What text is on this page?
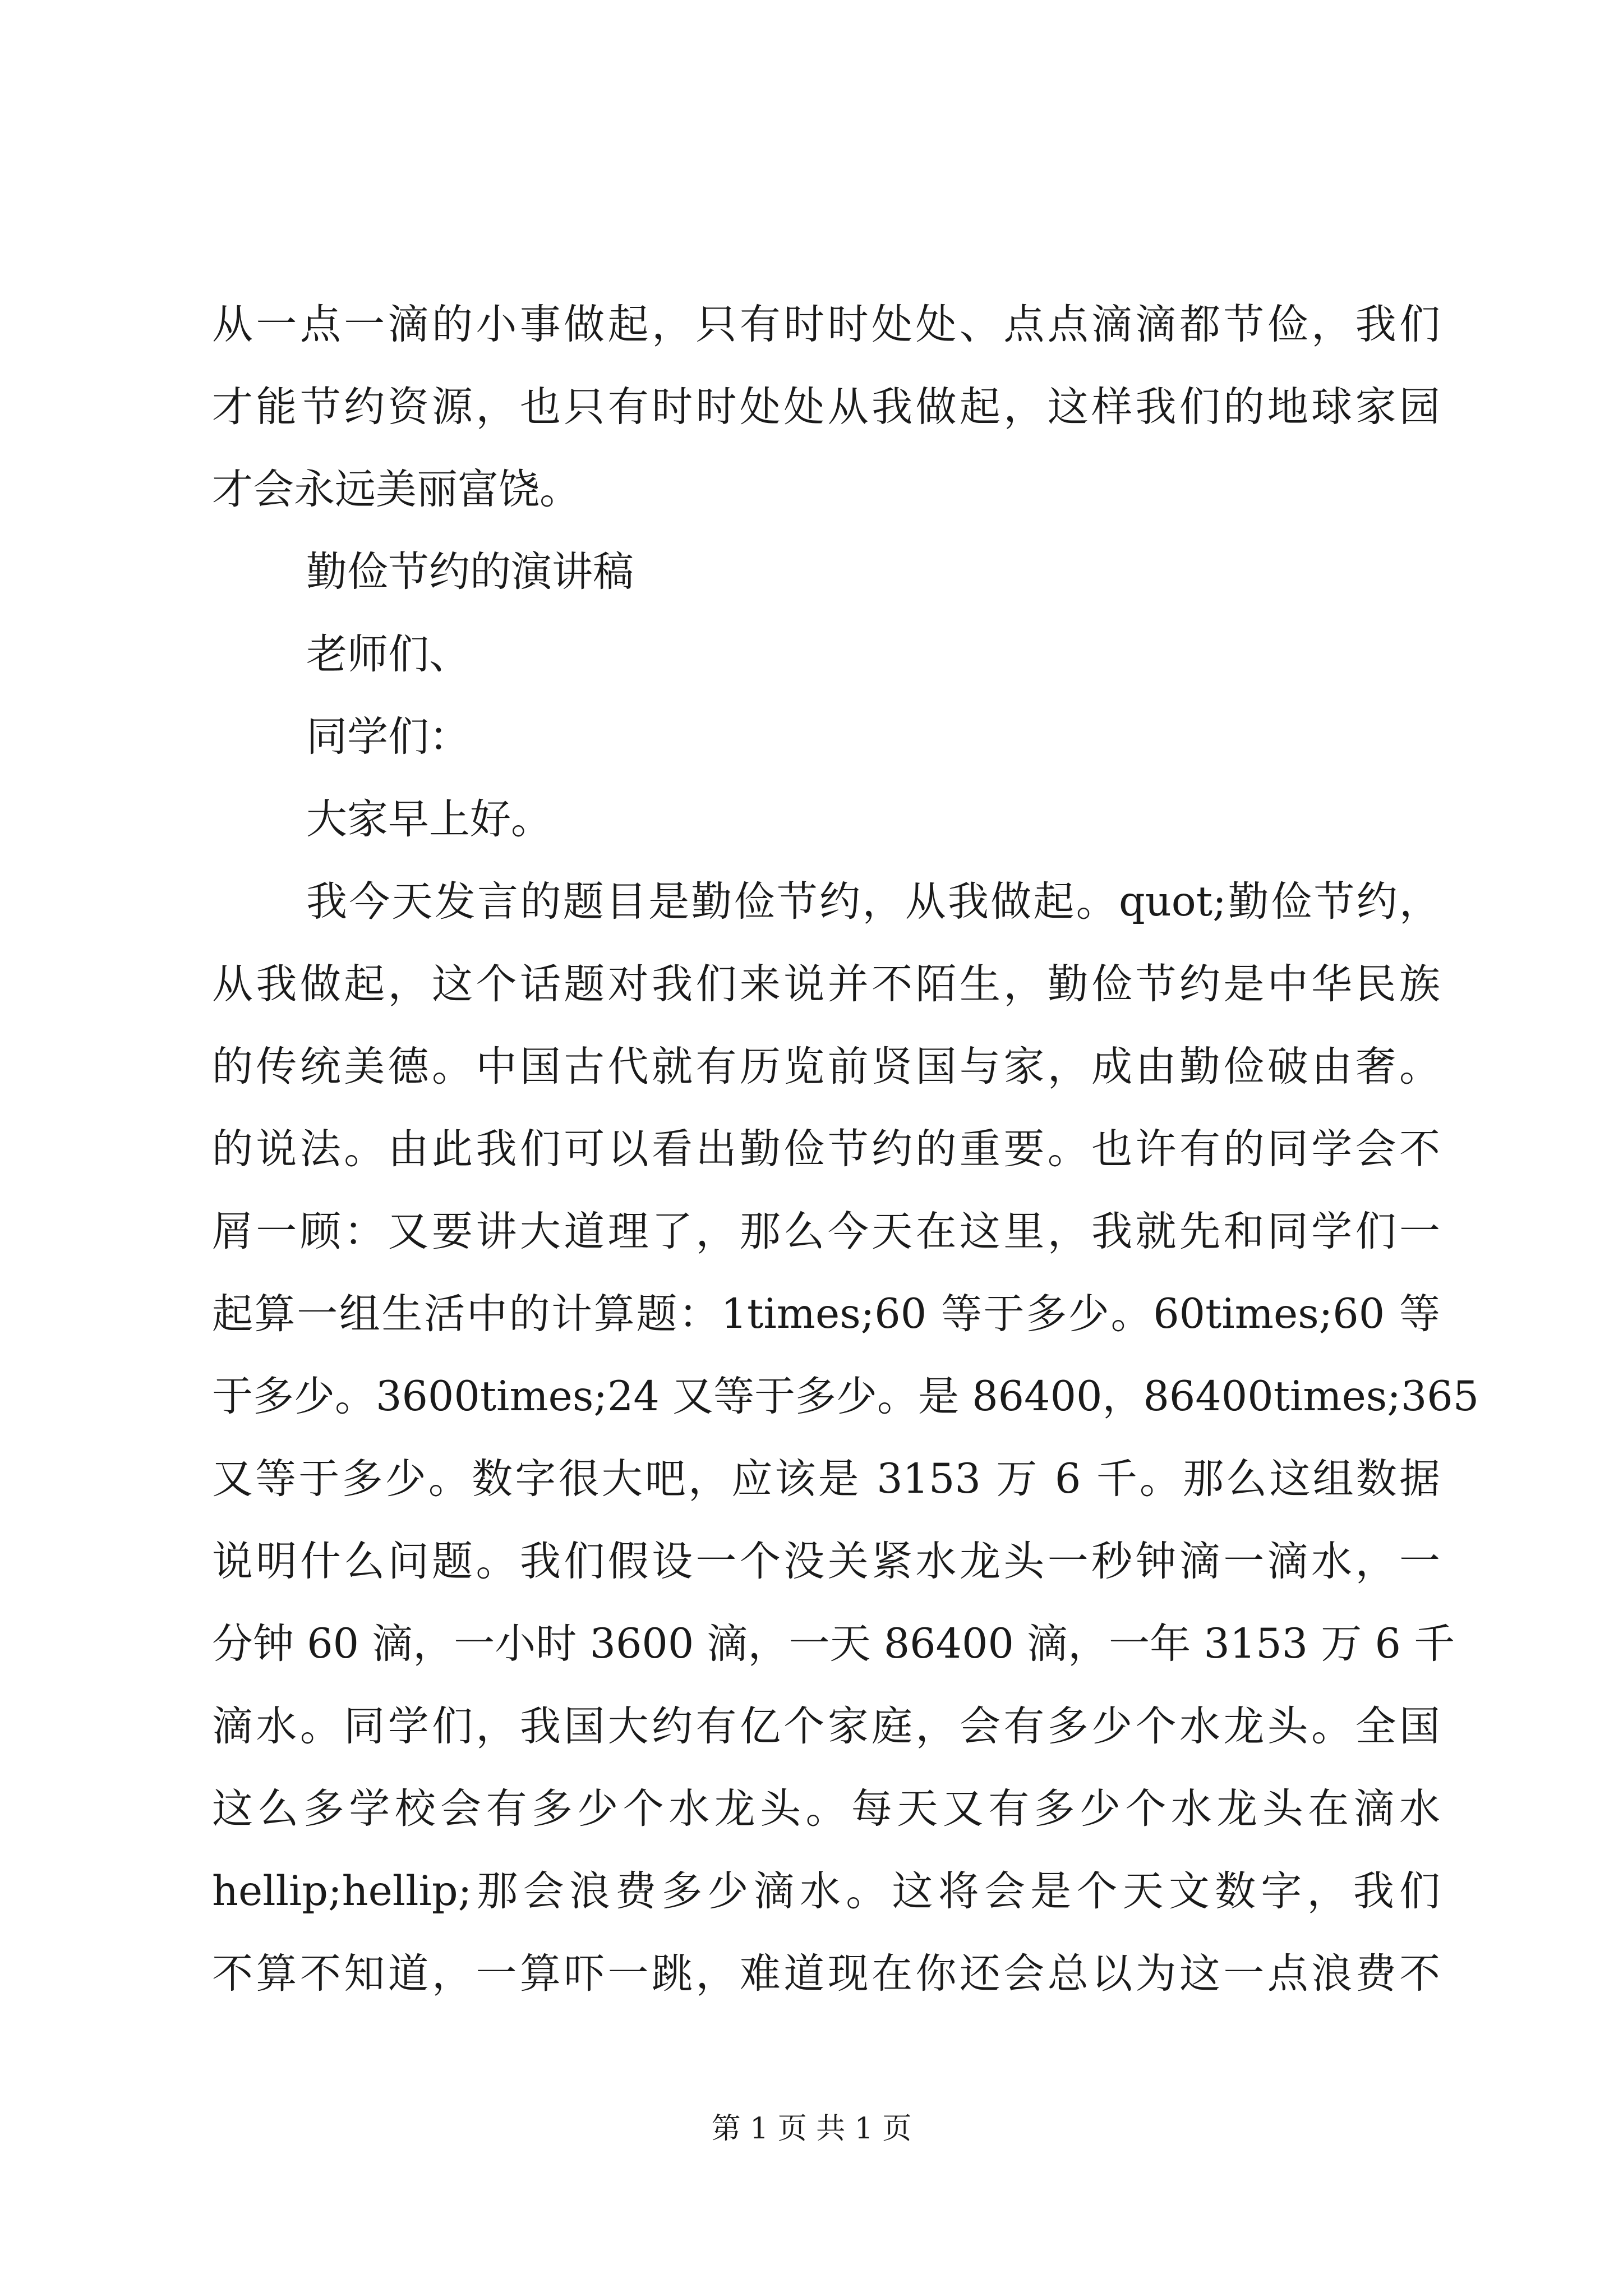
从一点一滴的小事做起，只有时时处处、点点滴滴都节俭，我们
才能节约资源，也只有时时处处从我做起，这样我们的地球家园
才会永远美丽富饶。
勤俭节约的演讲稿
老师们、
同学们：
大家早上好。
我今天发言的题目是勤俭节约，从我做起。quot;勤俭节约，
从我做起，这个话题对我们来说并不陌生，勤俭节约是中华民族
的传统美德。中国古代就有历览前贤国与家，成由勤俭破由奢。
的说法。由此我们可以看出勤俭节约的重要。也许有的同学会不
屑一顾：又要讲大道理了，那么今天在这里，我就先和同学们一
起算一组生活中的计算题：1times;60 等于多少。60times;60 等
于多少。3600times;24 又等于多少。是 86400，86400times;365
又等于多少。数字很大吧，应该是 3153 万 6 千。那么这组数据
说明什么问题。我们假设一个没关紧水龙头一秒钟滴一滴水，一
分钟 60 滴，一小时 3600 滴，一天 86400 滴，一年 3153 万 6 千
滴水。同学们，我国大约有亿个家庭，会有多少个水龙头。全国
这么多学校会有多少个水龙头。每天又有多少个水龙头在滴水
hellip;hellip;那会浪费多少滴水。这将会是个天文数字，我们
不算不知道，一算吓一跳，难道现在你还会总以为这一点浪费不
第 1 页 共 1 页
